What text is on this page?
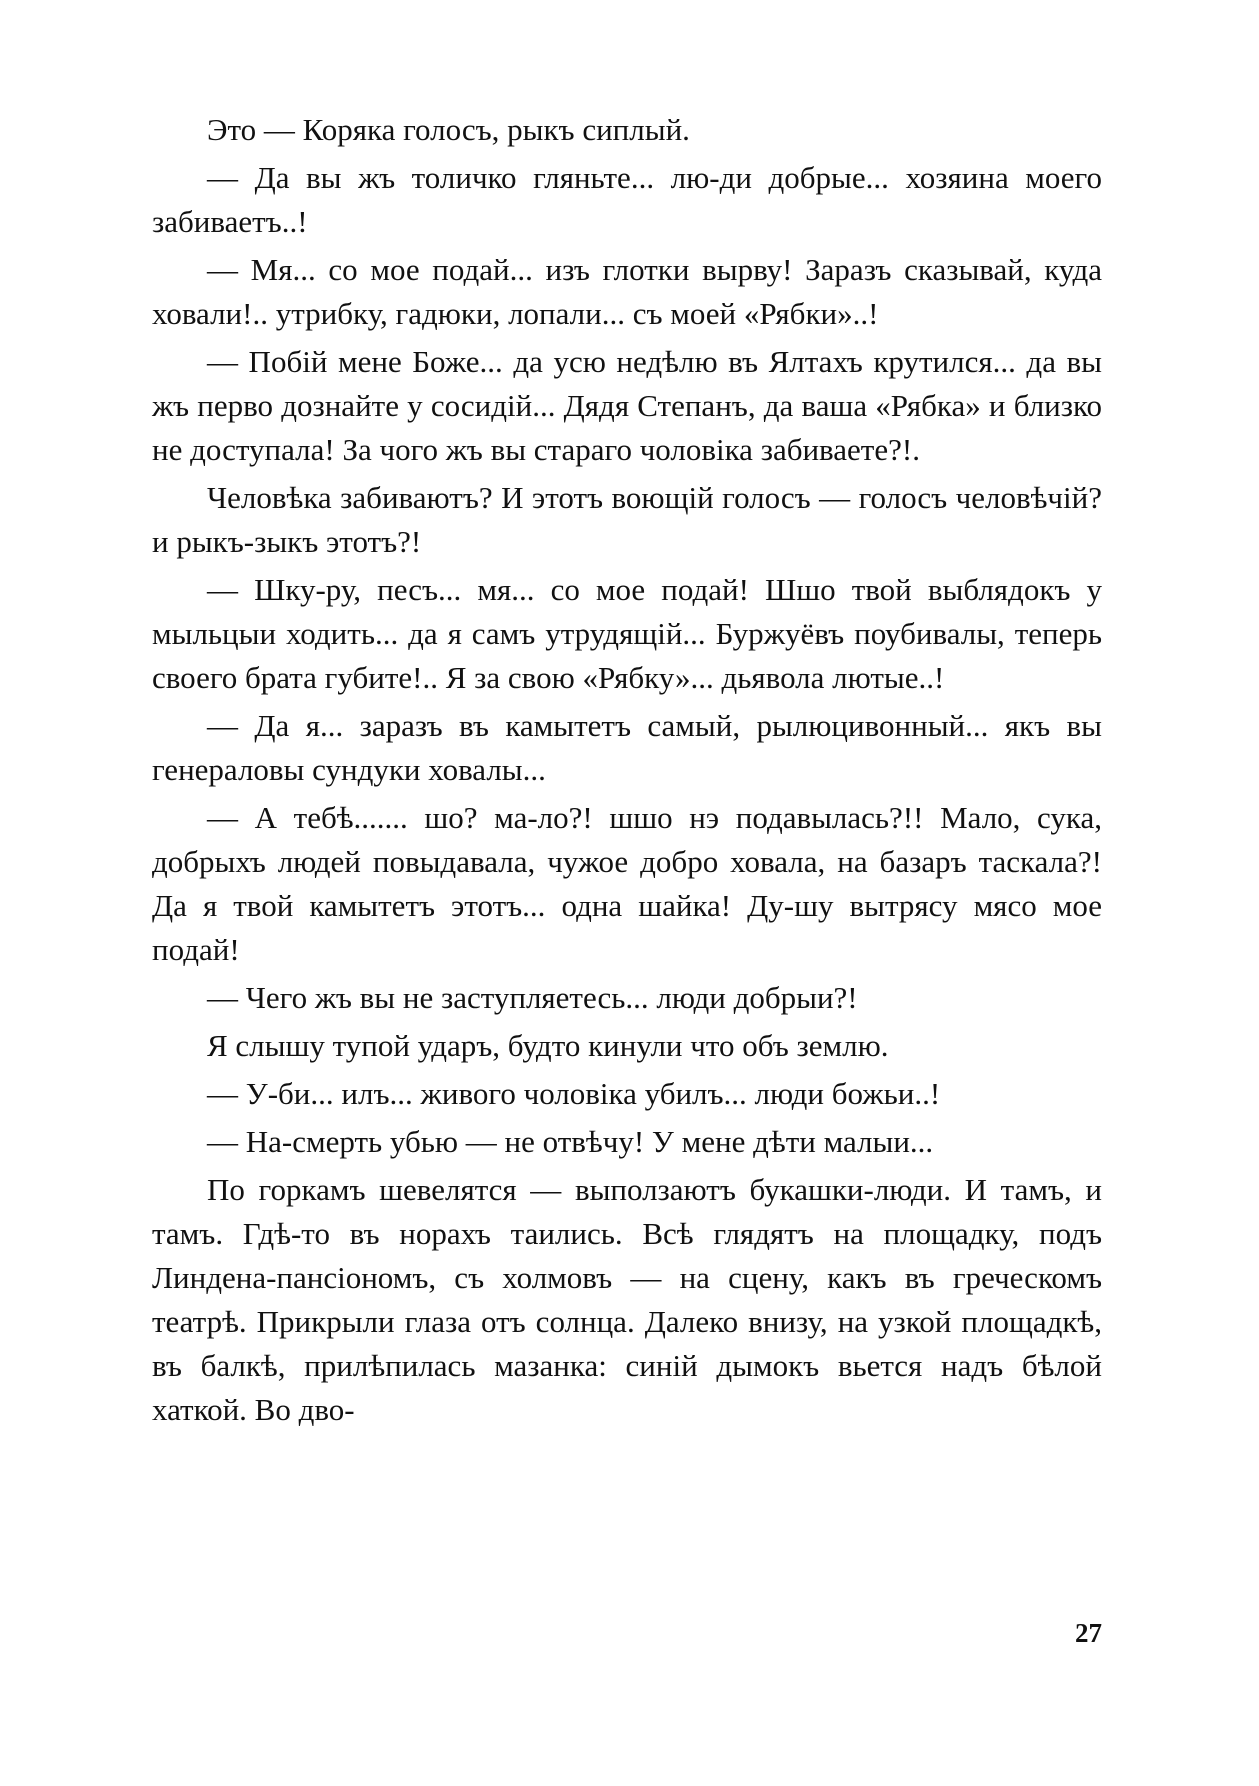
Это — Коряка голосъ, рыкъ сиплый.

— Да вы жъ толичко гляньте... лю-ди добрые... хозяина моего забиваетъ..!

— Мя... со мое подай... изъ глотки вырву! Заразъ сказывай, куда ховали!.. утрибку, гадюки, лопали... съ моей «Рябки»..!

— Побiй мене Боже... да усю недѣлю въ Ялтахъ крутился... да вы жъ перво дознайте у сосидiй... Дядя Степанъ, да ваша «Рябка» и близко не доступала! За чого жъ вы стараго чоловiка забиваете?!.

Человѣка забиваютъ? И этотъ воющiй голосъ — голосъ человѣчiй? и рыкъ-зыкъ этотъ?!

— Шку-ру, песъ... мя... со мое подай! Шшо твой выблядокъ у мыльцыи ходить... да я самъ утрудящiй... Буржуёвъ поубивалы, теперь своего брата губите!.. Я за свою «Рябку»... дьявола лютые..!

— Да я... заразъ въ камытетъ самый, рылюцивонный... якъ вы генераловы сундуки ховалы...

— А тебѣ....... шо? ма-ло?! шшо нэ подавылась?!! Мало, сука, добрыхъ людей повыдавала, чужое добро ховала, на базаръ таскала?! Да я твой камытетъ этотъ... одна шайка! Ду-шу вытрясу мясо мое подай!

— Чего жъ вы не заступляетесь... люди добрыи?!

Я слышу тупой ударъ, будто кинули что объ землю.

— У-би... илъ... живого чоловiка убилъ... люди божьи..!

— На-смерть убью — не отвѣчу! У мене дѣти малыи...

По горкамъ шевелятся — выползаютъ букашки-люди. И тамъ, и тамъ. Гдѣ-то въ норахъ таились. Всѣ глядятъ на площадку, подъ Линдена-пансiономъ, съ холмовъ — на сцену, какъ въ греческомъ театрѣ. Прикрыли глаза отъ солнца. Далеко внизу, на узкой площадкѣ, въ балкѣ, прилѣпилась мазанка: синiй дымокъ вьется надъ бѣлой хаткой. Во дво-

27
